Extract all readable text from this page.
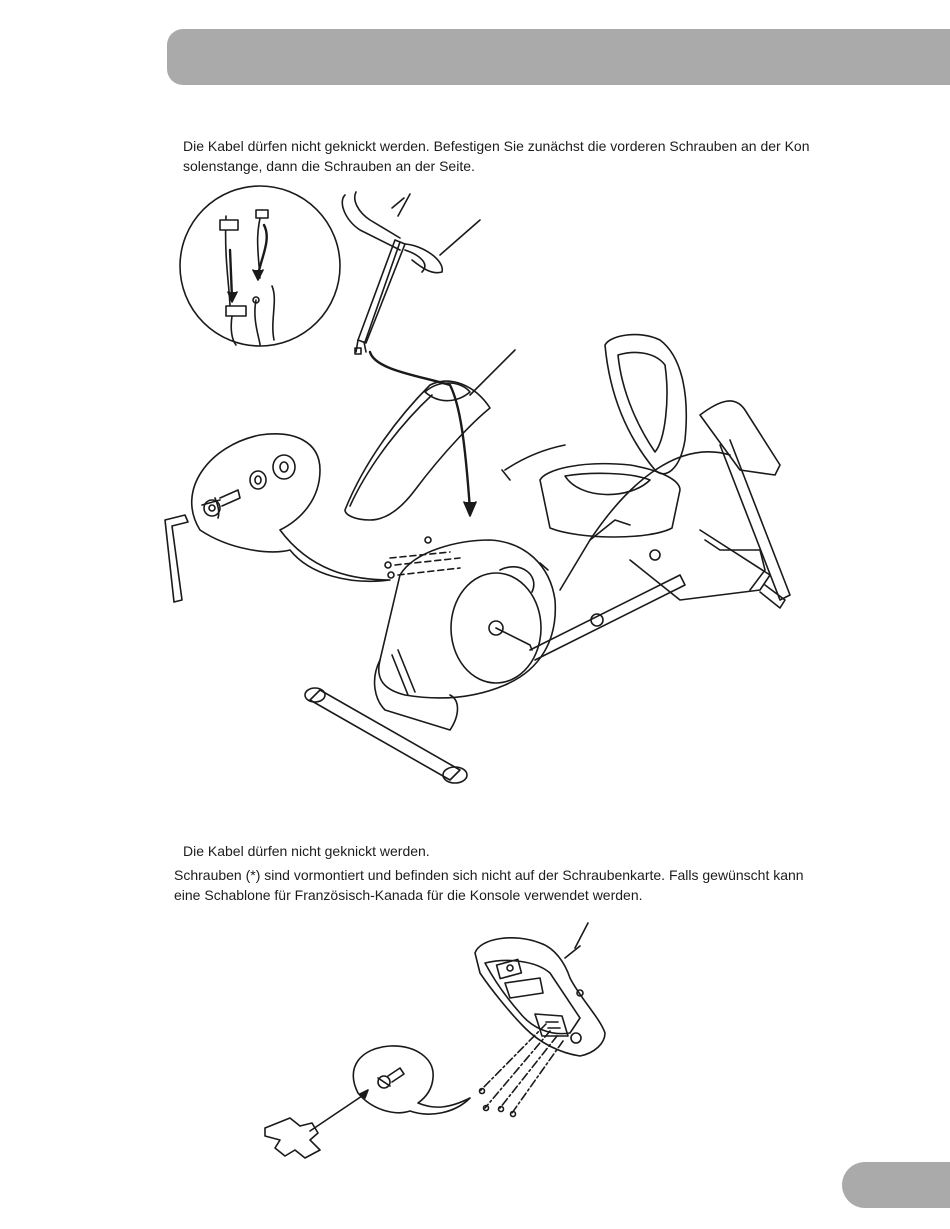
Die Kabel dürfen nicht geknickt werden. Befestigen Sie zunächst die vorderen Schrauben an der Kon
solenstange, dann die Schrauben an der Seite.
Die Kabel dürfen nicht geknickt werden.
Schrauben (*) sind vormontiert und befinden sich nicht auf der Schraubenkarte. Falls gewünscht kann
eine Schablone für Französisch-Kanada für die Konsole verwendet werden.
